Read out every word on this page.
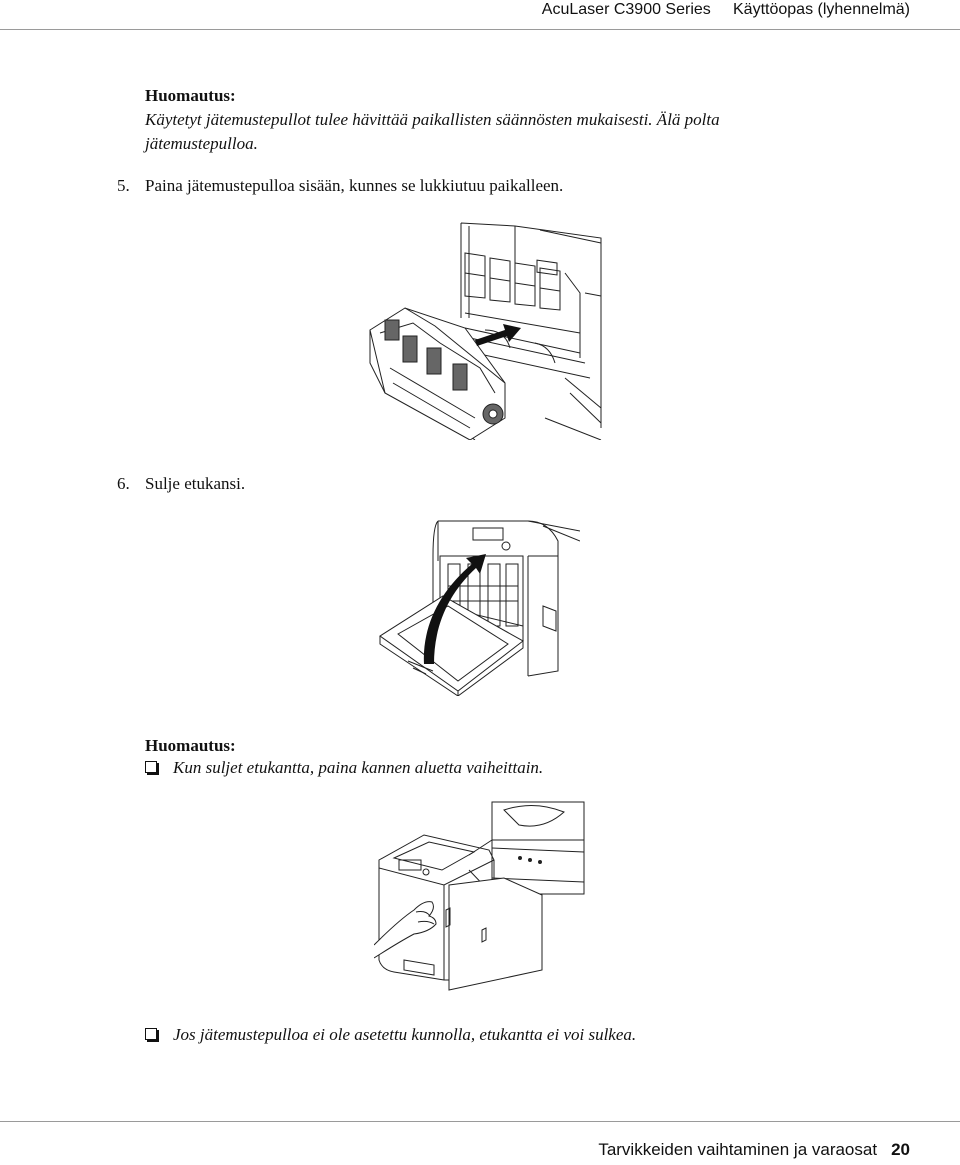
AcuLaser C3900 Series     Käyttöopas (lyhennelmä)
Huomautus:
Käytetyt jätemustepullot tulee hävittää paikallisten säännösten mukaisesti. Älä polta jätemustepulloa.
5. Paina jätemustepulloa sisään, kunnes se lukkiutuu paikalleen.
6. Sulje etukansi.
Huomautus:
Kun suljet etukantta, paina kannen aluetta vaiheittain.
Jos jätemustepulloa ei ole asetettu kunnolla, etukantta ei voi sulkea.
Tarvikkeiden vaihtaminen ja varaosat 20
